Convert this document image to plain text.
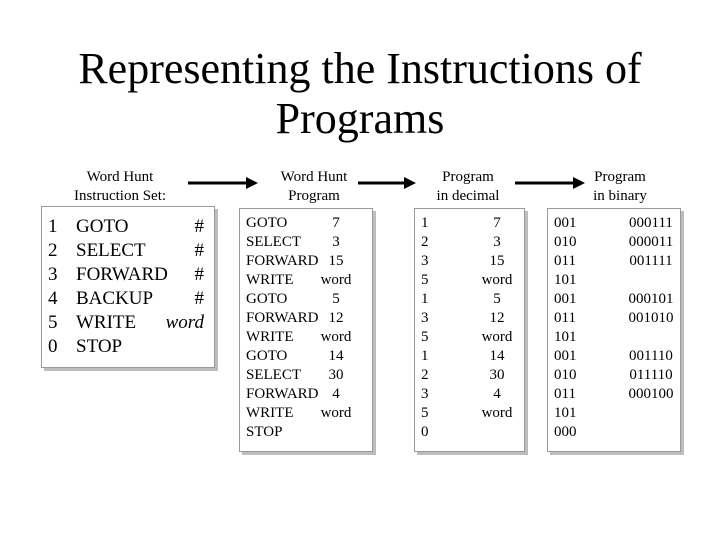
Representing the Instructions of
Programs
Word Hunt
Instruction Set:
Word Hunt
Program
Program
in decimal
Program
in binary
1 GOTO	#
2 SELECT	#
3 FORWARD #
4 BACKUP #
5 WRITE word
0 STOP
GOTO	7
SELECT	3
FORWARD 15
WRITE	word
GOTO	5
FORWARD 12
WRITE	word
GOTO	14
SELECT	30
FORWARD 4
WRITE	word
STOP
1	7
2	3
3	15
5	word
1	5
3	12
5	word
1	14
2	30
3	4
5	word
0
001	000111
010	000011
011	001111
101
001	000101
011	001010
101
001	001110
010	011110
011	000100
101
000
